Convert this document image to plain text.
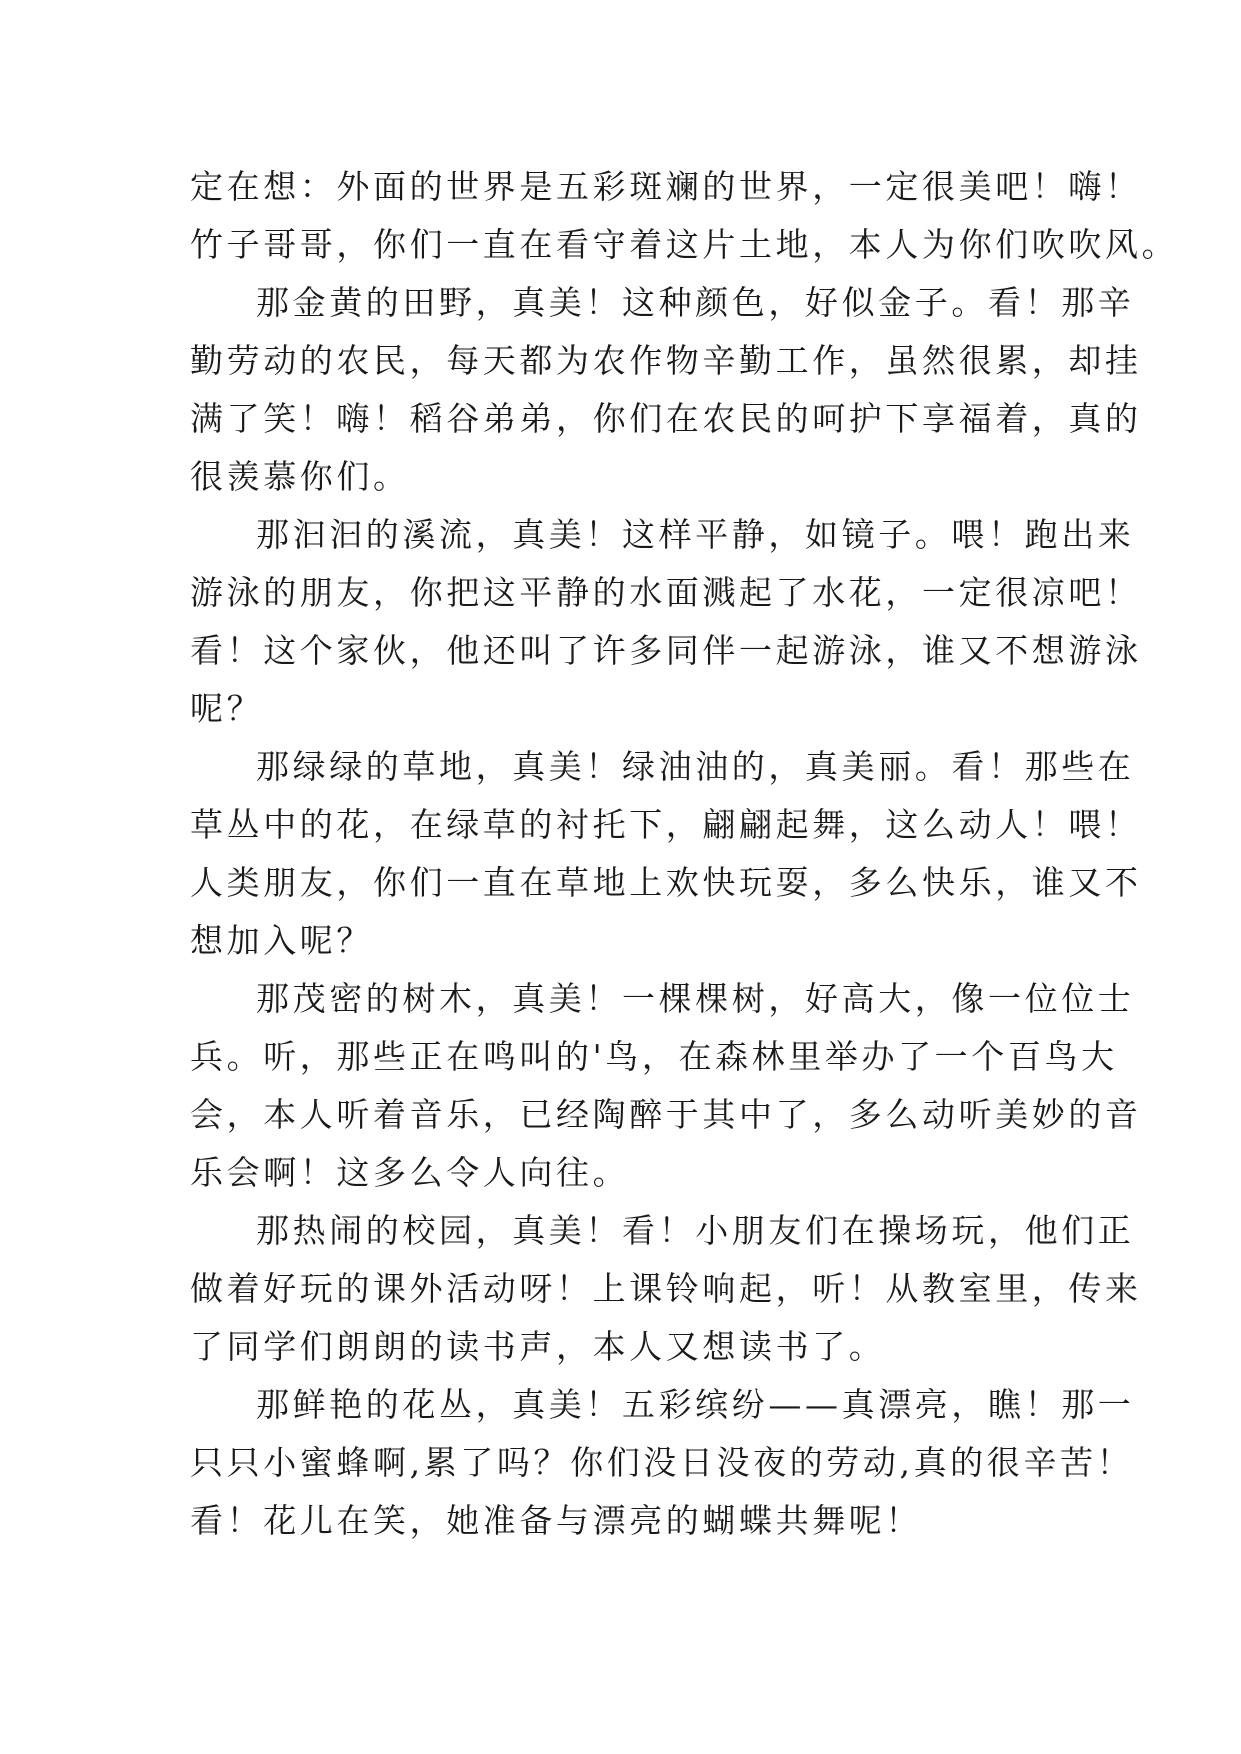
定在想：外面的世界是五彩斑斓的世界，一定很美吧！嗨！
竹子哥哥，你们一直在看守着这片土地，本人为你们吹吹风。
那金黄的田野，真美！这种颜色，好似金子。看！那辛
勤劳动的农民，每天都为农作物辛勤工作，虽然很累，却挂
满了笑！嗨！稻谷弟弟，你们在农民的呵护下享福着，真的
很羡慕你们。
那汩汩的溪流，真美！这样平静，如镜子。喂！跑出来
游泳的朋友，你把这平静的水面溅起了水花，一定很凉吧！
看！这个家伙，他还叫了许多同伴一起游泳，谁又不想游泳
呢？
那绿绿的草地，真美！绿油油的，真美丽。看！那些在
草丛中的花，在绿草的衬托下，翩翩起舞，这么动人！喂！
人类朋友，你们一直在草地上欢快玩耍，多么快乐，谁又不
想加入呢？
那茂密的树木，真美！一棵棵树，好高大，像一位位士
兵。听，那些正在鸣叫的'鸟，在森林里举办了一个百鸟大
会，本人听着音乐，已经陶醉于其中了，多么动听美妙的音
乐会啊！这多么令人向往。
那热闹的校园，真美！看！小朋友们在操场玩，他们正
做着好玩的课外活动呀！上课铃响起，听！从教室里，传来
了同学们朗朗的读书声，本人又想读书了。
那鲜艳的花丛，真美！五彩缤纷——真漂亮，瞧！那一
只只小蜜蜂啊,累了吗？你们没日没夜的劳动,真的很辛苦！
看！花儿在笑，她准备与漂亮的蝴蝶共舞呢！
